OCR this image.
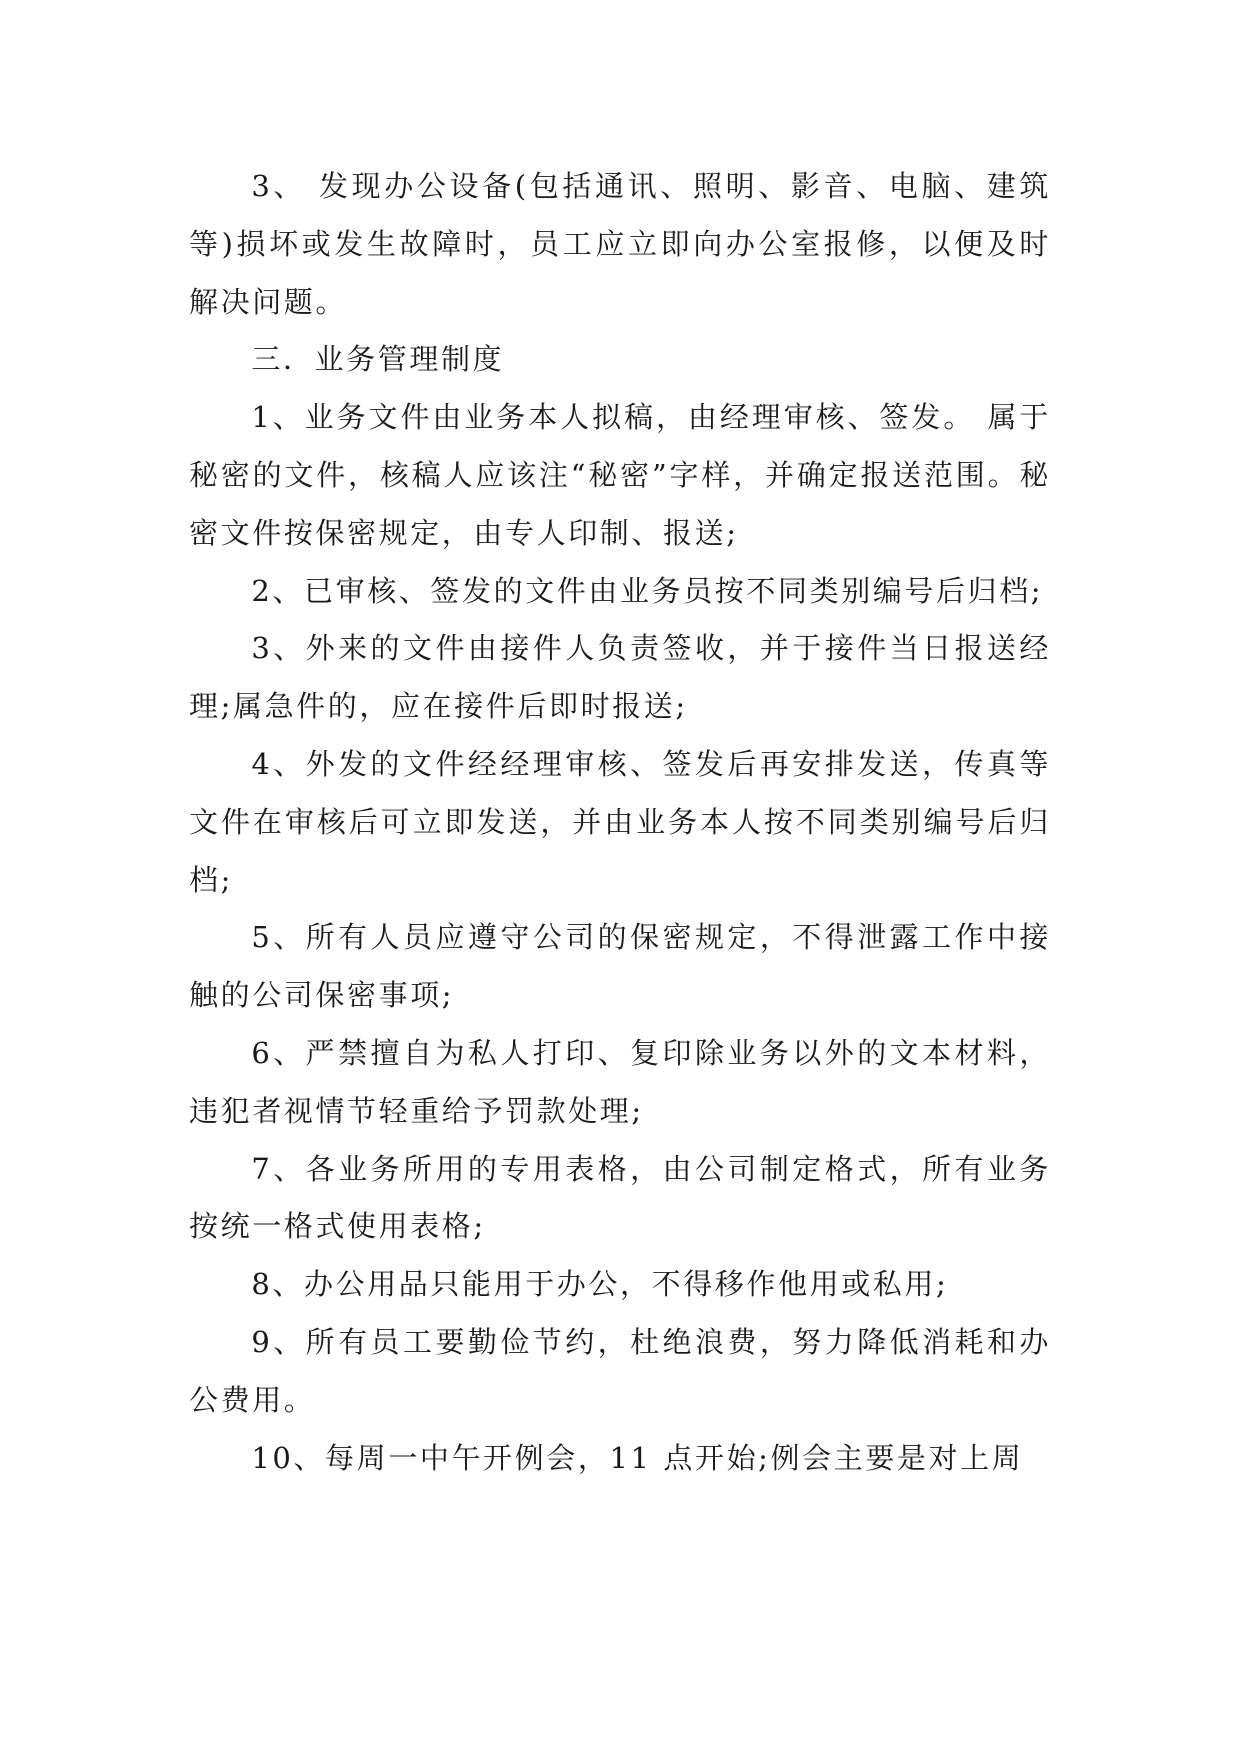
3、 发现办公设备(包括通讯、照明、影音、电脑、建筑等)损坏或发生故障时，员工应立即向办公室报修，以便及时解决问题。

三．业务管理制度

1、业务文件由业务本人拟稿，由经理审核、签发。 属于秘密的文件，核稿人应该注“秘密”字样，并确定报送范围。秘密文件按保密规定，由专人印制、报送;

2、已审核、签发的文件由业务员按不同类别编号后归档;

3、外来的文件由接件人负责签收，并于接件当日报送经理;属急件的，应在接件后即时报送;

4、外发的文件经经理审核、签发后再安排发送，传真等文件在审核后可立即发送，并由业务本人按不同类别编号后归档;

5、所有人员应遵守公司的保密规定，不得泄露工作中接触的公司保密事项;

6、严禁擅自为私人打印、复印除业务以外的文本材料，违犯者视情节轻重给予罚款处理;

7、各业务所用的专用表格，由公司制定格式，所有业务按统一格式使用表格;

8、办公用品只能用于办公，不得移作他用或私用;

9、所有员工要勤俭节约，杜绝浪费，努力降低消耗和办公费用。

10、每周一中午开例会，11 点开始;例会主要是对上周
